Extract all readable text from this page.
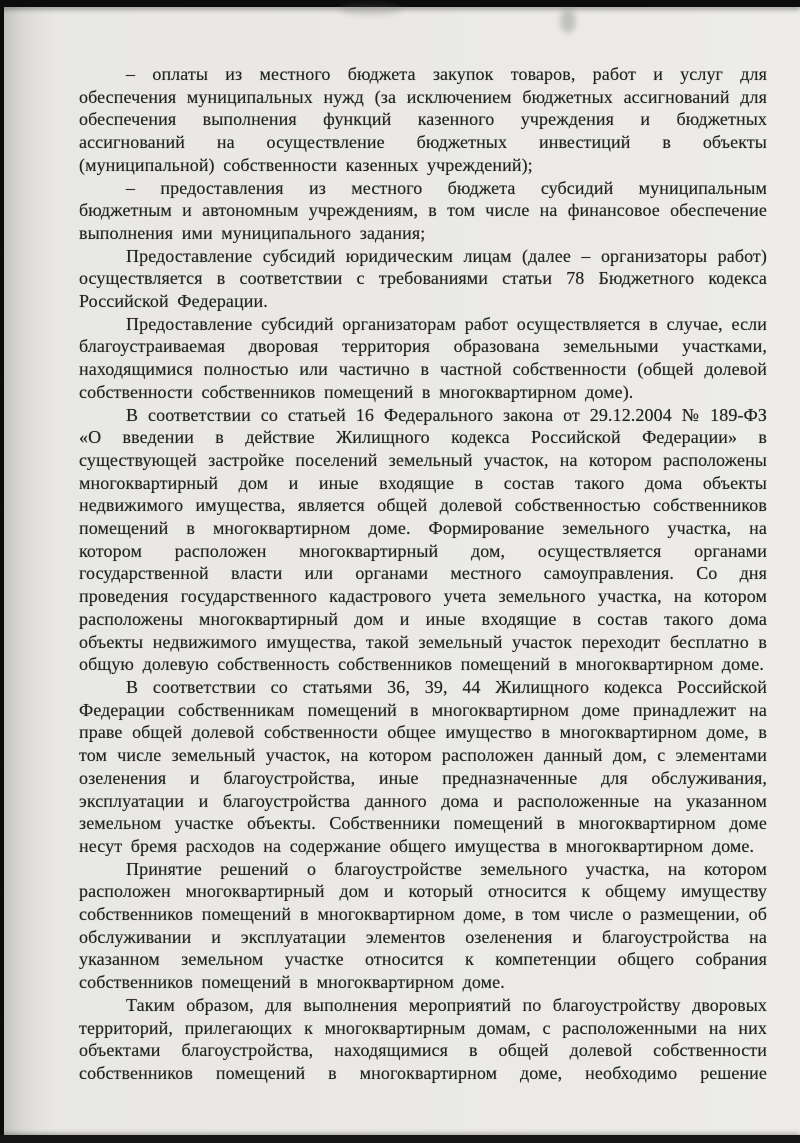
– оплаты из местного бюджета закупок товаров, работ и услуг для обеспечения муниципальных нужд (за исключением бюджетных ассигнований для обеспечения выполнения функций казенного учреждения и бюджетных ассигнований на осуществление бюджетных инвестиций в объекты (муниципальной) собственности казенных учреждений);

– предоставления из местного бюджета субсидий муниципальным бюджетным и автономным учреждениям, в том числе на финансовое обеспечение выполнения ими муниципального задания;

Предоставление субсидий юридическим лицам (далее – организаторы работ) осуществляется в соответствии с требованиями статьи 78 Бюджетного кодекса Российской Федерации.

Предоставление субсидий организаторам работ осуществляется в случае, если благоустраиваемая дворовая территория образована земельными участками, находящимися полностью или частично в частной собственности (общей долевой собственности собственников помещений в многоквартирном доме).

В соответствии со статьей 16 Федерального закона от 29.12.2004 № 189-ФЗ «О введении в действие Жилищного кодекса Российской Федерации» в существующей застройке поселений земельный участок, на котором расположены многоквартирный дом и иные входящие в состав такого дома объекты недвижимого имущества, является общей долевой собственностью собственников помещений в многоквартирном доме. Формирование земельного участка, на котором расположен многоквартирный дом, осуществляется органами государственной власти или органами местного самоуправления. Со дня проведения государственного кадастрового учета земельного участка, на котором расположены многоквартирный дом и иные входящие в состав такого дома объекты недвижимого имущества, такой земельный участок переходит бесплатно в общую долевую собственность собственников помещений в многоквартирном доме.

В соответствии со статьями 36, 39, 44 Жилищного кодекса Российской Федерации собственникам помещений в многоквартирном доме принадлежит на праве общей долевой собственности общее имущество в многоквартирном доме, в том числе земельный участок, на котором расположен данный дом, с элементами озеленения и благоустройства, иные предназначенные для обслуживания, эксплуатации и благоустройства данного дома и расположенные на указанном земельном участке объекты. Собственники помещений в многоквартирном доме несут бремя расходов на содержание общего имущества в многоквартирном доме.

Принятие решений о благоустройстве земельного участка, на котором расположен многоквартирный дом и который относится к общему имуществу собственников помещений в многоквартирном доме, в том числе о размещении, об обслуживании и эксплуатации элементов озеленения и благоустройства на указанном земельном участке относится к компетенции общего собрания собственников помещений в многоквартирном доме.

Таким образом, для выполнения мероприятий по благоустройству дворовых территорий, прилегающих к многоквартирным домам, с расположенными на них объектами благоустройства, находящимися в общей долевой собственности собственников помещений в многоквартирном доме, необходимо решение
